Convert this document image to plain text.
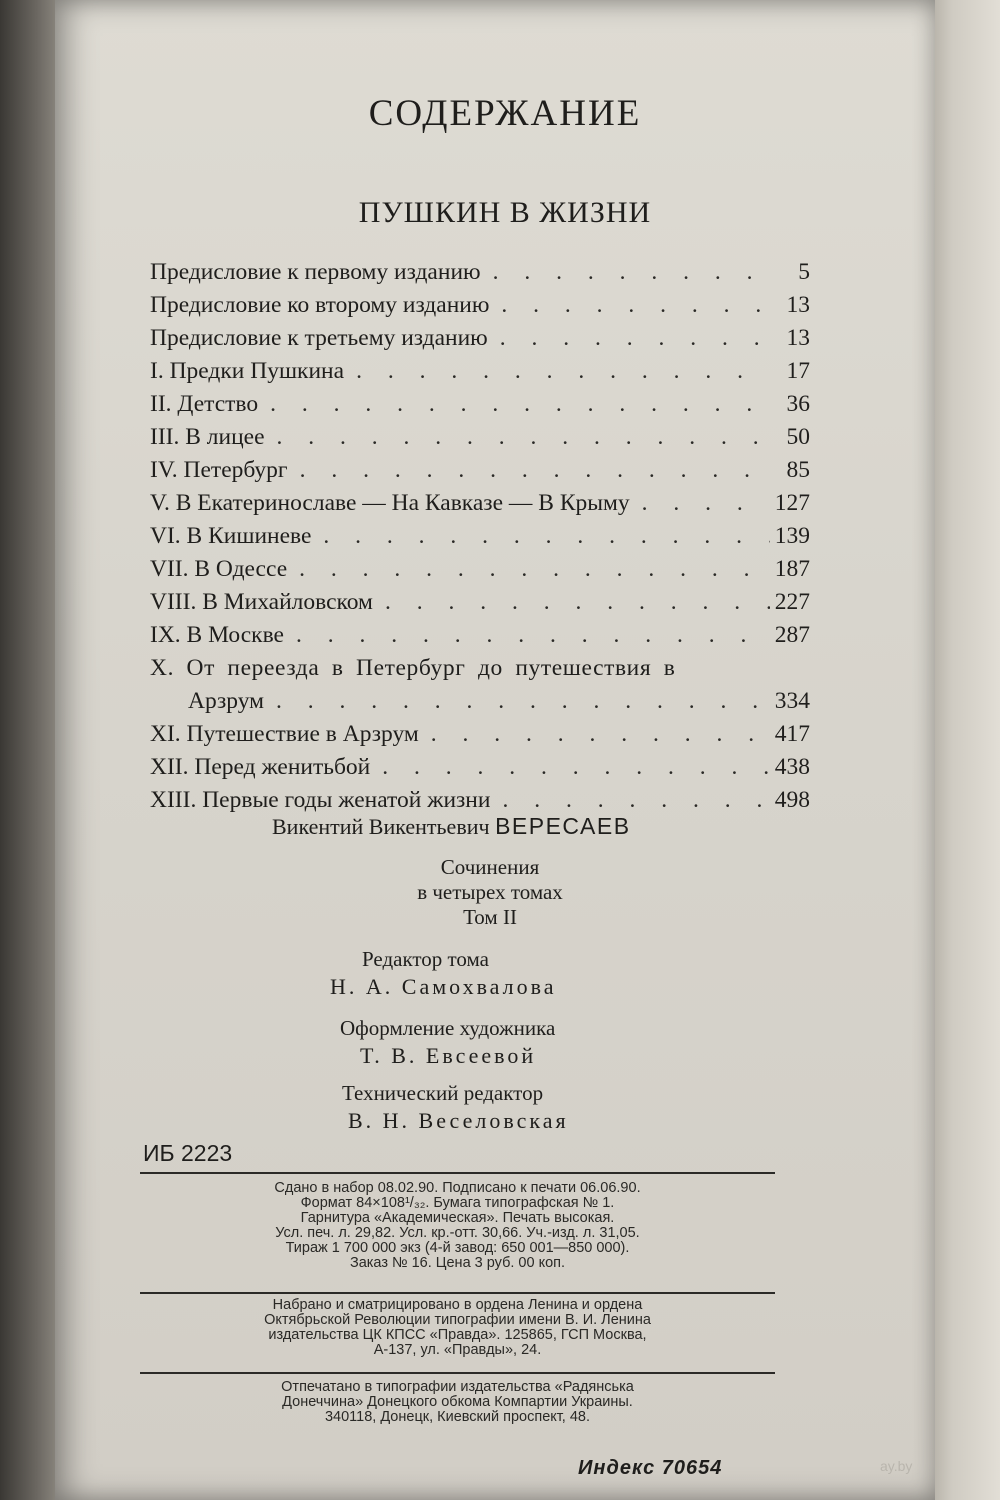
СОДЕРЖАНИЕ
ПУШКИН В ЖИЗНИ
Предисловие к первому изданию . . .	5
Предисловие ко второму изданию . . .	13
Предисловие к третьему изданию . . .	13
I. Предки Пушкина . . .	17
II. Детство . . .	36
III. В лицее . . .	50
IV. Петербург . . .	85
V. В Екатеринославе — На Кавказе — В Крыму . . .	127
VI. В Кишиневе . . .	139
VII. В Одессе . . .	187
VIII. В Михайловском . . .	227
IX. В Москве . . .	287
X. От переезда в Петербург до путешествия в
Арзрум . . .	334
XI. Путешествие в Арзрум . . .	417
XII. Перед женитьбой . . .	438
XIII. Первые годы женатой жизни . . .	498
Викентий Викентьевич ВЕРЕСАЕВ
Сочинения
в четырех томах
Том II
Редактор тома
Н. А. Самохвалова
Оформление художника
Т. В. Евсеевой
Технический редактор
В. Н. Веселовская
ИБ 2223
Сдано в набор 08.02.90. Подписано к печати 06.06.90.
Формат 84×108¹/₃₂. Бумага типографская № 1.
Гарнитура «Академическая». Печать высокая.
Усл. печ. л. 29,82. Усл. кр.-отт. 30,66. Уч.-изд. л. 31,05.
Тираж 1 700 000 экз (4-й завод: 650 001—850 000).
Заказ № 16. Цена 3 руб. 00 коп.
Набрано и сматрицировано в ордена Ленина и ордена
Октябрьской Революции типографии имени В. И. Ленина
издательства ЦК КПСС «Правда». 125865, ГСП Москва,
А-137, ул. «Правды», 24.
Отпечатано в типографии издательства «Радянська
Донеччина» Донецкого обкома Компартии Украины.
340118, Донецк, Киевский проспект, 48.
Индекс 70654	ay.by
